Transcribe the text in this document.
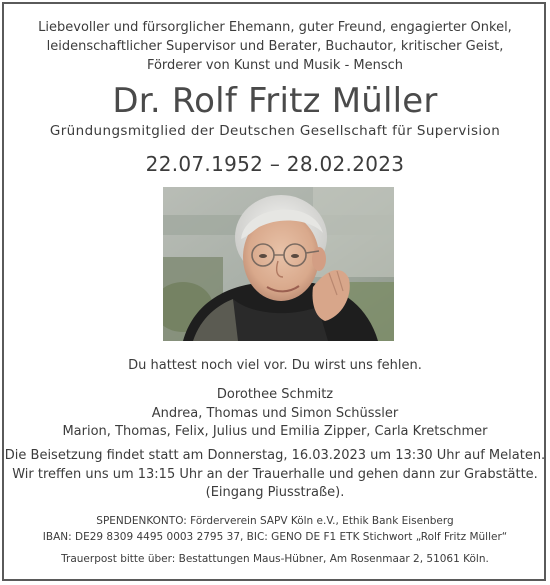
Liebevoller und fürsorglicher Ehemann, guter Freund, engagierter Onkel,
leidenschaftlicher Supervisor und Berater, Buchautor, kritischer Geist,
Förderer von Kunst und Musik - Mensch
Dr. Rolf Fritz Müller
Gründungsmitglied der Deutschen Gesellschaft für Supervision
22.07.1952 – 28.02.2023
Du hattest noch viel vor. Du wirst uns fehlen.
Dorothee Schmitz
Andrea, Thomas und Simon Schüssler
Marion, Thomas, Felix, Julius und Emilia Zipper, Carla Kretschmer
Die Beisetzung findet statt am Donnerstag, 16.03.2023 um 13:30 Uhr auf Melaten.
Wir treffen uns um 13:15 Uhr an der Trauerhalle und gehen dann zur Grabstätte.
(Eingang Piusstraße).
SPENDENKONTO: Förderverein SAPV Köln e.V., Ethik Bank Eisenberg
IBAN: DE29 8309 4495 0003 2795 37, BIC: GENO DE F1 ETK Stichwort „Rolf Fritz Müller“
Trauerpost bitte über: Bestattungen Maus-Hübner, Am Rosenmaar 2, 51061 Köln.
